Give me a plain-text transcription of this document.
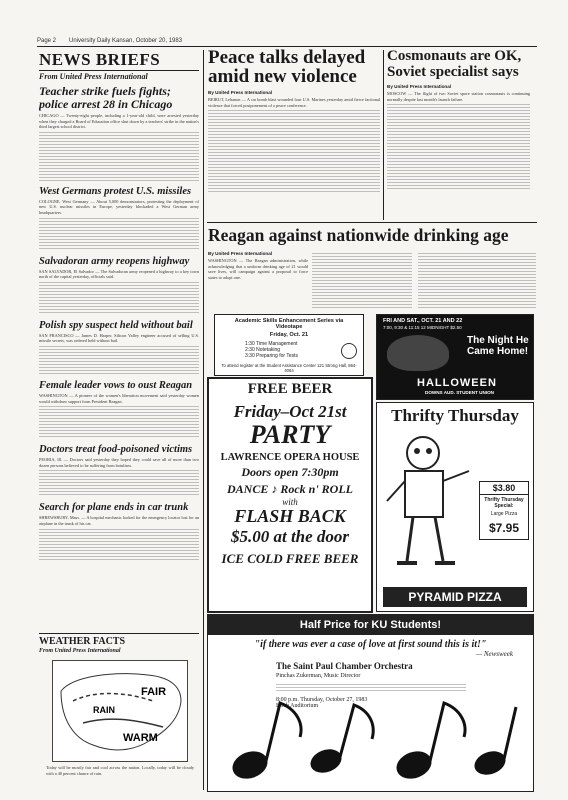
Page 2 University Daily Kansan, October 20, 1983
NEWS BRIEFS
From United Press International
Teacher strike fuels fights; police arrest 28 in Chicago
CHICAGO — Twenty-eight people, including a 1-year-old child, were arrested yesterday when they charged a Board of Education office shut down by a teachers' strike in the nation's third largest school district.
West Germans protest U.S. missiles
COLOGNE, West Germany — About 5,000 demonstrators, protesting the deployment of new U.S. nuclear missiles in Europe, yesterday blockaded a West German army headquarters.
Salvadoran army reopens highway
SAN SALVADOR, El Salvador — The Salvadoran army reopened a highway to a key town north of the capital yesterday, officials said.
Polish spy suspect held without bail
SAN FRANCISCO — James D. Harper, Silicon Valley engineer accused of selling U.S. missile secrets, was ordered held without bail.
Female leader vows to oust Reagan
WASHINGTON — A pioneer of the women's liberation movement said yesterday women would withdraw support from President Reagan.
Doctors treat food-poisoned victims
PEORIA, Ill. — Doctors said yesterday they hoped they could save all of more than two dozen persons believed to be suffering from botulism.
Search for plane ends in car trunk
SHREWSBURY, Mass. — A hospital mechanic looked for the emergency locator lost for an airplane in the trunk of his car.
WEATHER FACTS
From United Press International
FAIR
RAIN
WARM
Today will be mostly fair and cool across the nation. Locally, today will be cloudy with a 40 percent chance of rain.
Peace talks delayed amid new violence
By United Press International
BEIRUT, Lebanon — A car bomb blast wounded four U.S. Marines yesterday amid fierce factional violence that forced postponement of a peace conference.
Cosmonauts are OK, Soviet specialist says
By United Press International
MOSCOW — The flight of two Soviet space station cosmonauts is continuing normally despite last month's launch failure.
Reagan against nationwide drinking age
By United Press International
WASHINGTON — The Reagan administration, while acknowledging that a uniform drinking age of 21 would save lives, will campaign against a proposal to force states to adopt one.
Academic Skills Enhancement Series via Videotape
Friday, Oct. 21
1:30 Time Management
2:30 Notetaking
3:30 Preparing for Tests
To attend register at the Student Assistance Center 121 Strong Hall, 864-4064
FREE BEER
Friday–Oct 21st
PARTY
LAWRENCE OPERA HOUSE
Doors open 7:30pm
DANCE ♪ Rock n' ROLL
with
FLASH BACK
$5.00 at the door
ICE COLD FREE BEER
FRI AND SAT., OCT. 21 AND 22
7:00, 9:30 & 11:15 12 MIDNIGHT $2.50
The Night He Came Home!
HALLOWEEN
DOWNS AUD. STUDENT UNION
Thrifty Thursday
$3.80
Thrifty Thursday Special:
Large Pizza
$7.95
PYRAMID PIZZA
Half Price for KU Students!
"if there was ever a case of love at first sound this is it!"
— Newsweek
The Saint Paul Chamber Orchestra
Pinchas Zukerman, Music Director
8:00 p.m. Thursday, October 27, 1983
Hoch Auditorium
